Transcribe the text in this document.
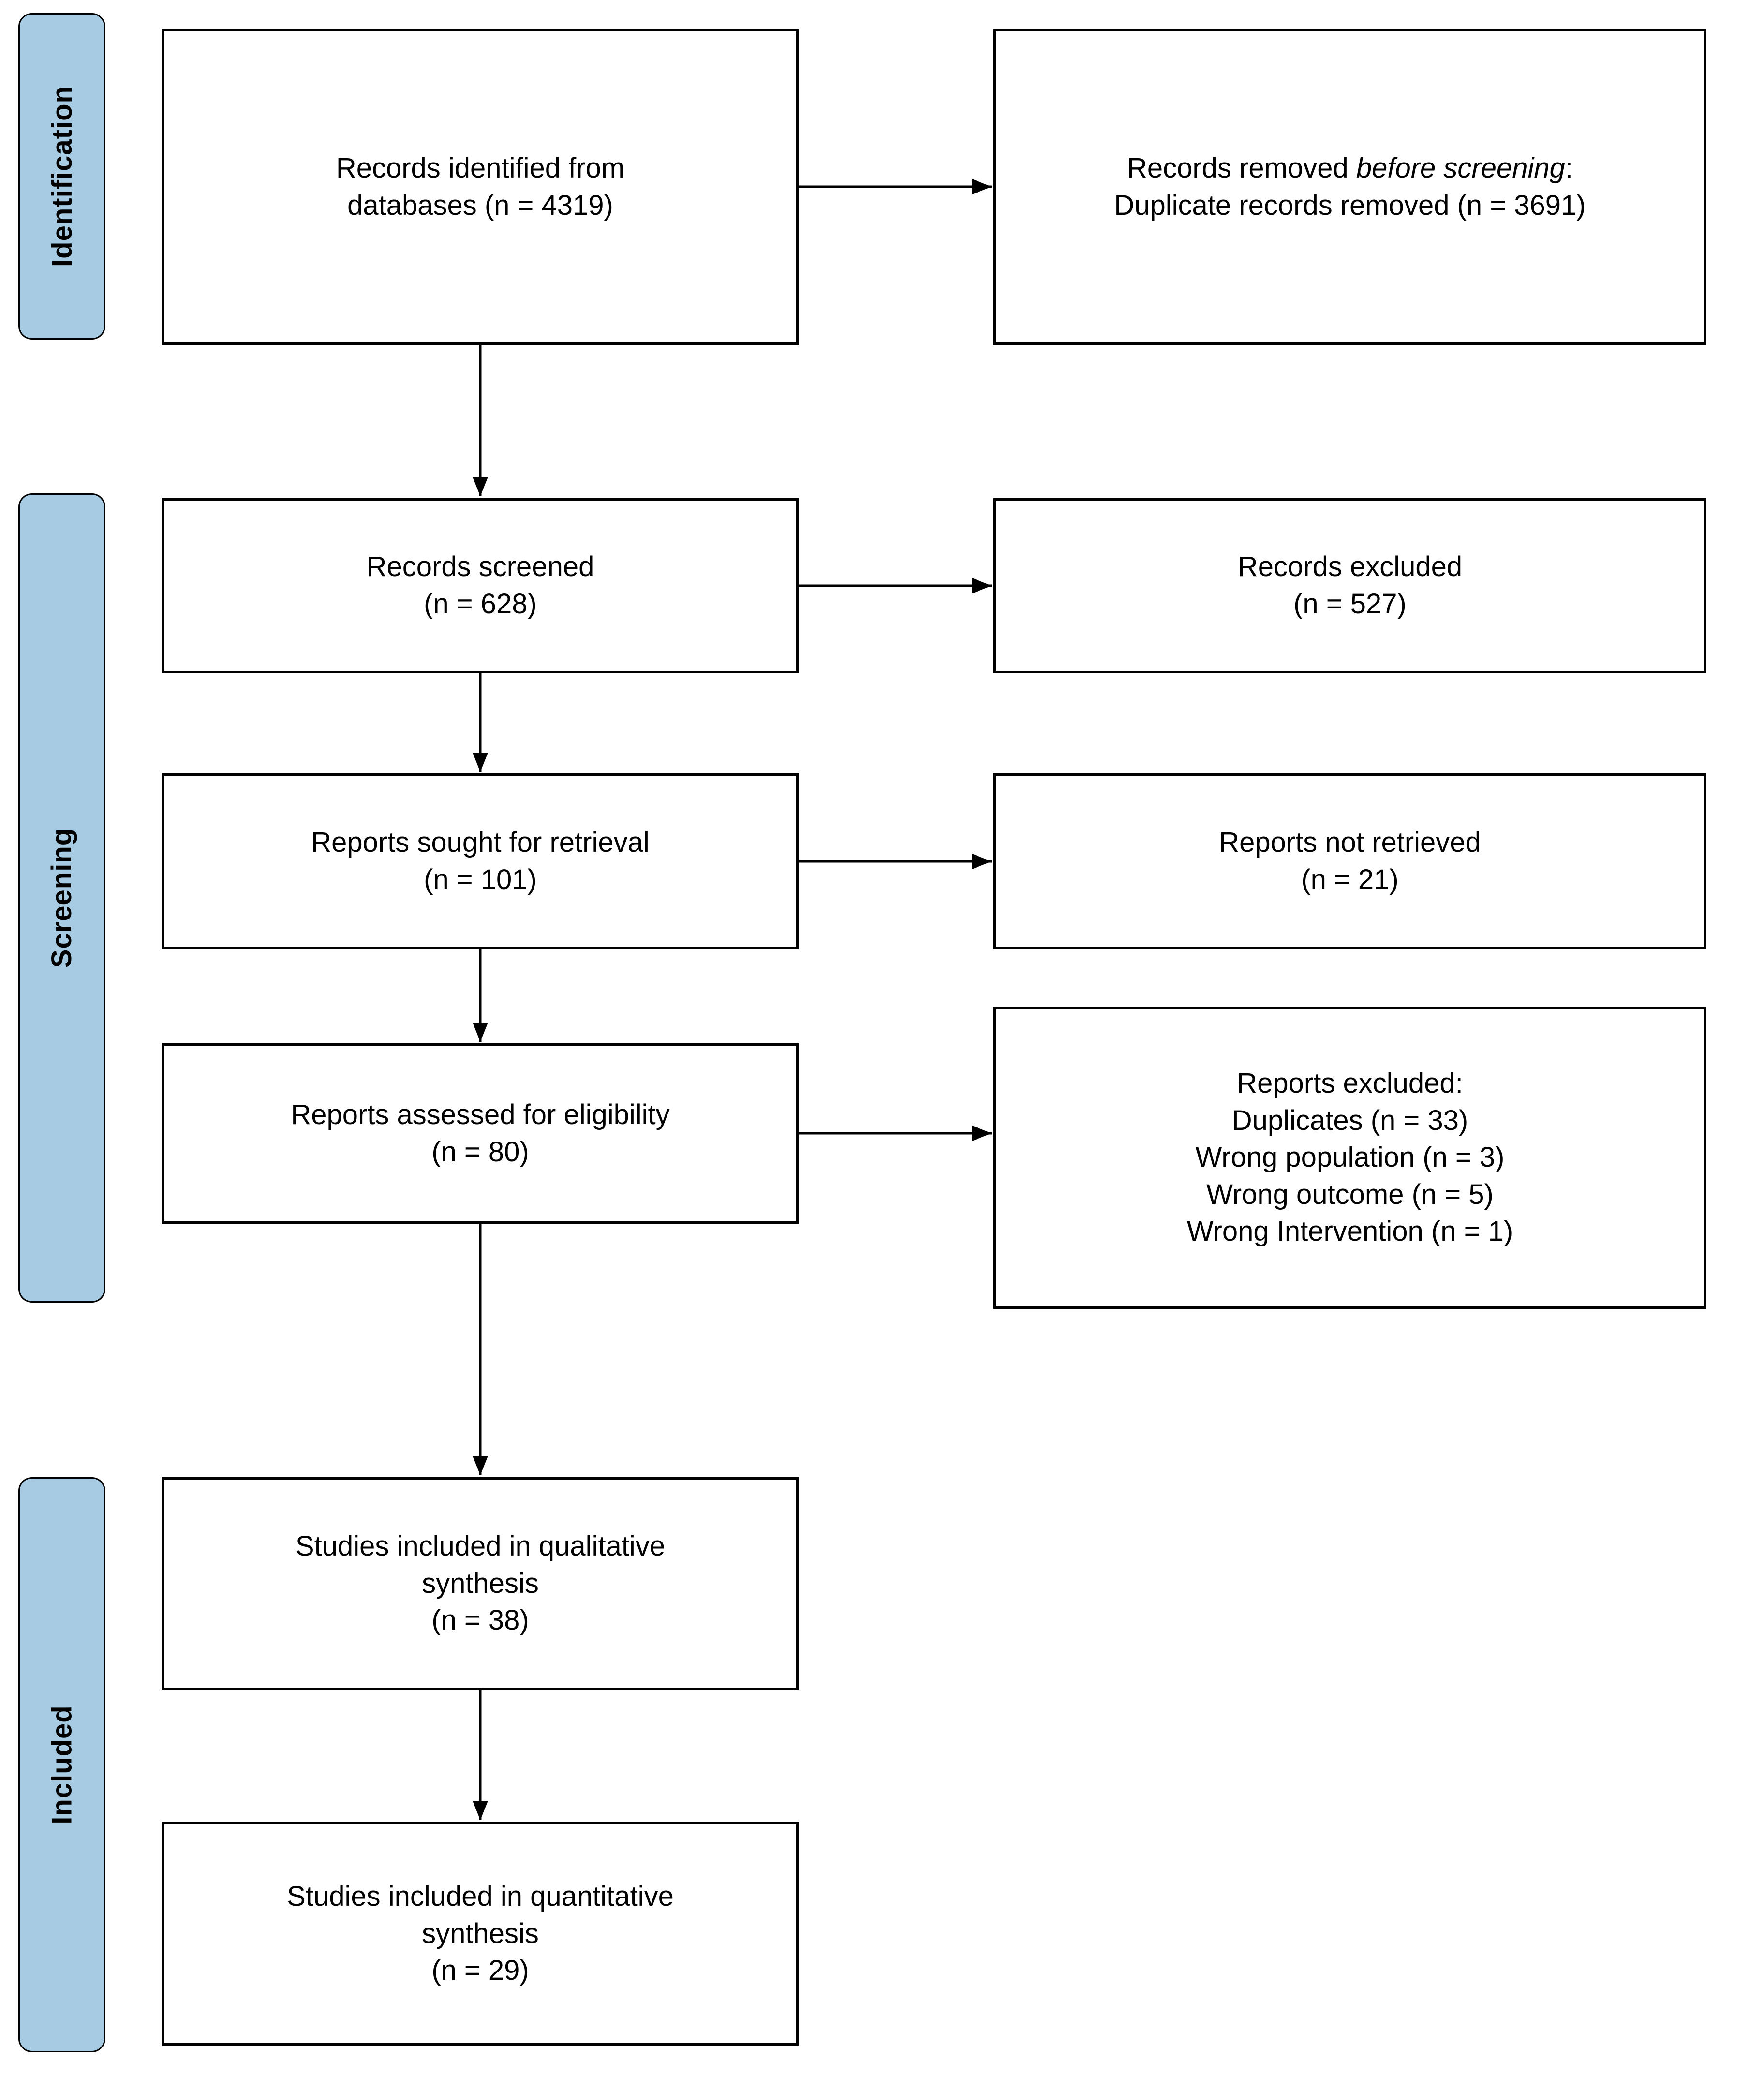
Identification
Screening
Included
Records identified from
databases (n = 4319)
Records screened
(n = 628)
Reports sought for retrieval
(n = 101)
Reports assessed for eligibility
(n = 80)
Studies included in qualitative
synthesis
(n = 38)
Studies included in quantitative
synthesis
(n = 29)
Records removed before screening:
Duplicate records removed (n = 3691)
Records excluded
(n = 527)
Reports not retrieved
(n = 21)
Reports excluded:
Duplicates (n = 33)
Wrong population (n = 3)
Wrong outcome (n = 5)
Wrong Intervention (n = 1)
